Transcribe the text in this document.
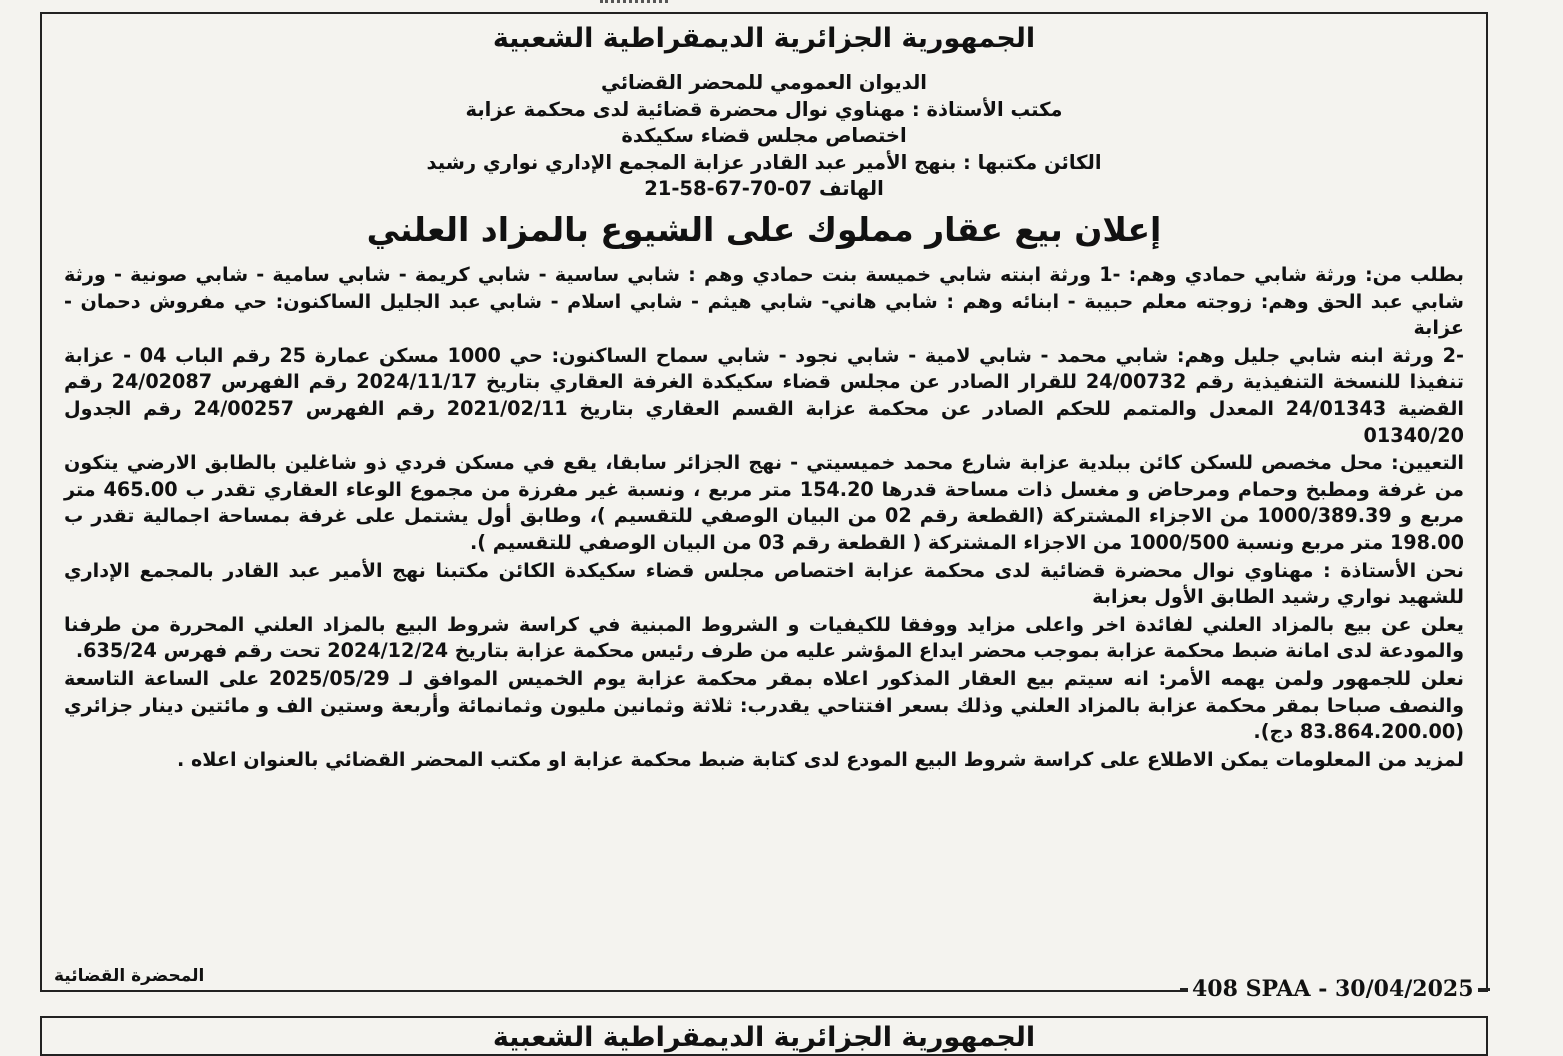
الجمهورية الجزائرية الديمقراطية الشعبية
الديوان العمومي للمحضر القضائي
مكتب الأستاذة : مهناوي نوال محضرة قضائية لدى محكمة عزابة
اختصاص مجلس قضاء سكيكدة
الكائن مكتبها : بنهج الأمير عبد القادر عزابة المجمع الإداري نواري رشيد
الهاتف 21-58-67-70-07
إعلان بيع عقار مملوك على الشيوع بالمزاد العلني

بطلب من: ورثة شابي حمادي وهم: -1 ورثة ابنته شابي خميسة بنت حمادي وهم : شابي ساسية - شابي كريمة - شابي سامية - شابي صونية - ورثة شابي عبد الحق وهم: زوجته معلم حبيبة - ابنائه وهم : شابي هاني- شابي هيثم - شابي اسلام - شابي عبد الجليل الساكنون: حي مفروش دحمان - عزابة

-2 ورثة ابنه شابي جليل وهم: شابي محمد - شابي لامية - شابي نجود - شابي سماح الساكنون: حي 1000 مسكن عمارة 25 رقم الباب 04 - عزابة تنفيذا للنسخة التنفيذية رقم 24/00732 للقرار الصادر عن مجلس قضاء سكيكدة الغرفة العقاري بتاريخ 2024/11/17 رقم الفهرس 24/02087 رقم القضية 24/01343 المعدل والمتمم للحكم الصادر عن محكمة عزابة القسم العقاري بتاريخ 2021/02/11 رقم الفهرس 24/00257 رقم الجدول 01340/20

التعيين: محل مخصص للسكن كائن ببلدية عزابة شارع محمد خميسيتي - نهج الجزائر سابقا، يقع في مسكن فردي ذو شاغلين بالطابق الارضي يتكون من غرفة ومطبخ وحمام ومرحاض و مغسل ذات مساحة قدرها 154.20 متر مربع ، ونسبة غير مفرزة من مجموع الوعاء العقاري تقدر ب 465.00 متر مربع و 1000/389.39 من الاجزاء المشتركة (القطعة رقم 02 من البيان الوصفي للتقسيم )، وطابق أول يشتمل على غرفة بمساحة اجمالية تقدر ب 198.00 متر مربع ونسبة 1000/500 من الاجزاء المشتركة ( القطعة رقم 03 من البيان الوصفي للتقسيم ).

نحن الأستاذة : مهناوي نوال محضرة قضائية لدى محكمة عزابة اختصاص مجلس قضاء سكيكدة الكائن مكتبنا نهج الأمير عبد القادر بالمجمع الإداري للشهيد نواري رشيد الطابق الأول بعزابة

يعلن عن بيع بالمزاد العلني لفائدة اخر واعلى مزايد ووفقا للكيفيات و الشروط المبنية في كراسة شروط البيع بالمزاد العلني المحررة من طرفنا والمودعة لدى امانة ضبط محكمة عزابة بموجب محضر ايداع المؤشر عليه من طرف رئيس محكمة عزابة بتاريخ 2024/12/24 تحت رقم فهرس 635/24.

نعلن للجمهور ولمن يهمه الأمر: انه سيتم بيع العقار المذكور اعلاه بمقر محكمة عزابة يوم الخميس الموافق لـ 2025/05/29 على الساعة التاسعة والنصف صباحا بمقر محكمة عزابة بالمزاد العلني وذلك بسعر افتتاحي يقدرب: ثلاثة وثمانين مليون وثمانمائة وأربعة وستين الف و مائتين دينار جزائري (83.864.200.00 دج).

لمزيد من المعلومات يمكن الاطلاع على كراسة شروط البيع المودع لدى كتابة ضبط محكمة عزابة او مكتب المحضر القضائي بالعنوان اعلاه .

المحضرة القضائية	408 SPAA - 30/04/2025
الجمهورية الجزائرية الديمقراطية الشعبية
